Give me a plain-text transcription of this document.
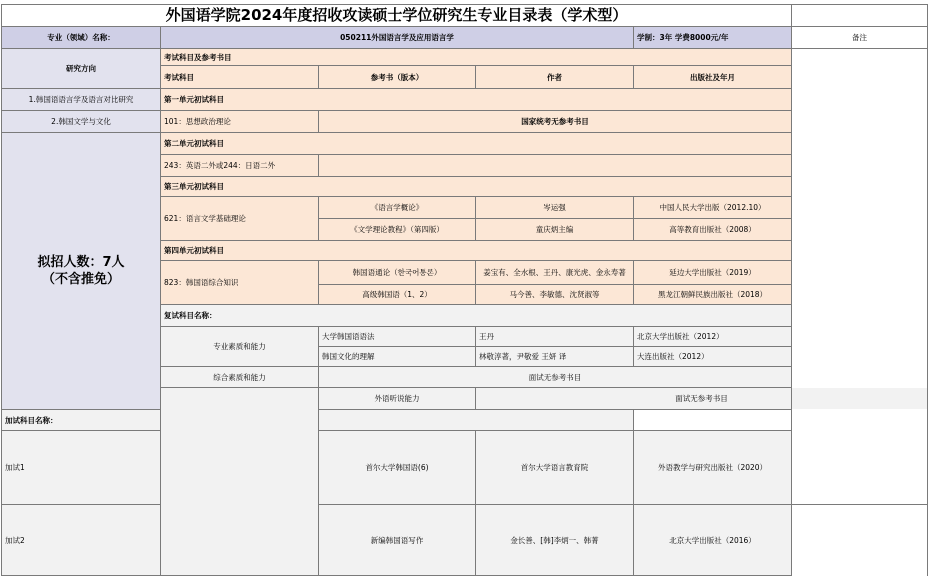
外国语学院2024年度招收攻读硕士学位研究生专业目录表（学术型）						
专业（领域）名称：	050211外国语言学及应用语言学			学制：3年 学费8000元/年	备注	
研究方向	考试科目及参考书目					
	考试科目	参考书（版本）	作者	出版社及年月		
1.韩国语语言学及语言对比研究	第一单元初试科目					
2.韩国文学与文化	101：思想政治理论	国家统考无参考书目				
拟招人数：7人
（不含推免）	第二单元初试科目					
	243：英语二外或244：日语二外					
	第三单元初试科目					
	621：语言文学基础理论	《语言学概论》	岑运强	中国人民大学出版（2012.10）		
		《文学理论教程》（第四版）	童庆炳主编	高等教育出版社（2008）		
	第四单元初试科目					
	823：韩国语综合知识	韩国语通论（한국어통론）	姜宝有、全水根、王丹、康光虎、金永寿著	延边大学出版社（2019）		
		高级韩国语（1、2）	马今善、李敏德、沈贤淑等	黑龙江朝鲜民族出版社（2018）		
	复试科目名称：					
	专业素质和能力	大学韩国语语法	王丹	北京大学出版社（2012）		
		韩国文化的理解	林敬淳著，尹敬爱 王妍 译	大连出版社（2012）		
	综合素质和能力	面试无参考书目				
		外语听说能力	面试无参考书目			
加试科目名称：						
加试1		首尔大学韩国语(6)	首尔大学语言教育院	外语教学与研究出版社（2020）	
加试2		新编韩国语写作	金长善、[韩]李炳一、韩菁	北京大学出版社（2016）		
